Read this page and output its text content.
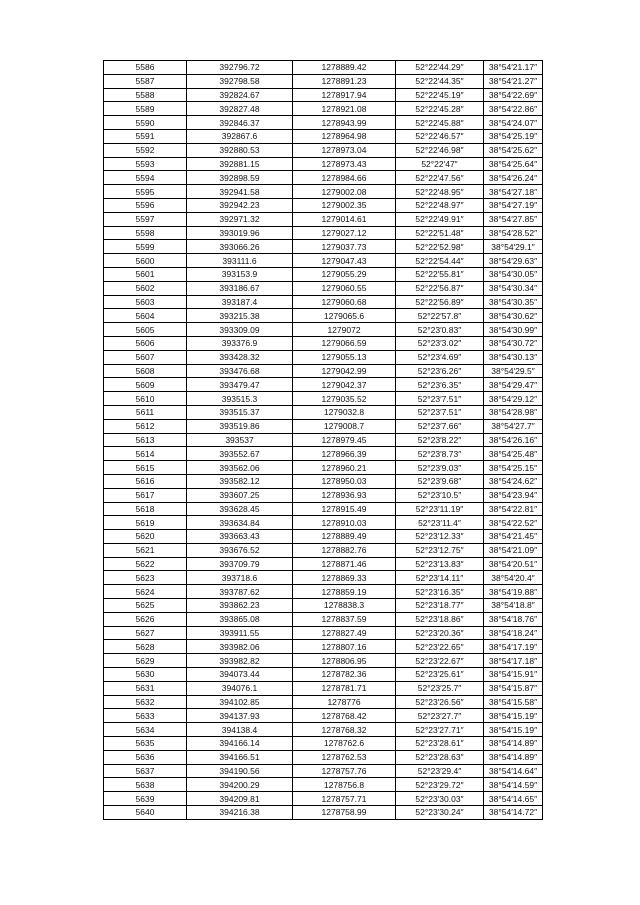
5586	392796.72	1278889.42	52°22′44.29″	38°54′21.17″
5587	392798.58	1278891.23	52°22′44.35″	38°54′21.27″
5588	392824.67	1278917.94	52°22′45.19″	38°54′22.69″
5589	392827.48	1278921.08	52°22′45.28″	38°54′22.86″
5590	392846.37	1278943.99	52°22′45.88″	38°54′24.07″
5591	392867.6	1278964.98	52°22′46.57″	38°54′25.19″
5592	392880.53	1278973.04	52°22′46.98″	38°54′25.62″
5593	392881.15	1278973.43	52°22′47″	38°54′25.64″
5594	392898.59	1278984.66	52°22′47.56″	38°54′26.24″
5595	392941.58	1279002.08	52°22′48.95″	38°54′27.18″
5596	392942.23	1279002.35	52°22′48.97″	38°54′27.19″
5597	392971.32	1279014.61	52°22′49.91″	38°54′27.85″
5598	393019.96	1279027.12	52°22′51.48″	38°54′28.52″
5599	393066.26	1279037.73	52°22′52.98″	38°54′29.1″
5600	393111.6	1279047.43	52°22′54.44″	38°54′29.63″
5601	393153.9	1279055.29	52°22′55.81″	38°54′30.05″
5602	393186.67	1279060.55	52°22′56.87″	38°54′30.34″
5603	393187.4	1279060.68	52°22′56.89″	38°54′30.35″
5604	393215.38	1279065.6	52°22′57.8″	38°54′30.62″
5605	393309.09	1279072	52°23′0.83″	38°54′30.99″
5606	393376.9	1279066.59	52°23′3.02″	38°54′30.72″
5607	393428.32	1279055.13	52°23′4.69″	38°54′30.13″
5608	393476.68	1279042.99	52°23′6.26″	38°54′29.5″
5609	393479.47	1279042.37	52°23′6.35″	38°54′29.47″
5610	393515.3	1279035.52	52°23′7.51″	38°54′29.12″
5611	393515.37	1279032.8	52°23′7.51″	38°54′28.98″
5612	393519.86	1279008.7	52°23′7.66″	38°54′27.7″
5613	393537	1278979.45	52°23′8.22″	38°54′26.16″
5614	393552.67	1278966.39	52°23′8.73″	38°54′25.48″
5615	393562.06	1278960.21	52°23′9.03″	38°54′25.15″
5616	393582.12	1278950.03	52°23′9.68″	38°54′24.62″
5617	393607.25	1278936.93	52°23′10.5″	38°54′23.94″
5618	393628.45	1278915.49	52°23′11.19″	38°54′22.81″
5619	393634.84	1278910.03	52°23′11.4″	38°54′22.52″
5620	393663.43	1278889.49	52°23′12.33″	38°54′21.45″
5621	393676.52	1278882.76	52°23′12.75″	38°54′21.09″
5622	393709.79	1278871.46	52°23′13.83″	38°54′20.51″
5623	393718.6	1278869.33	52°23′14.11″	38°54′20.4″
5624	393787.62	1278859.19	52°23′16.35″	38°54′19.88″
5625	393862.23	1278838.3	52°23′18.77″	38°54′18.8″
5626	393865.08	1278837.59	52°23′18.86″	38°54′18.76″
5627	393911.55	1278827.49	52°23′20.36″	38°54′18.24″
5628	393982.06	1278807.16	52°23′22.65″	38°54′17.19″
5629	393982.82	1278806.95	52°23′22.67″	38°54′17.18″
5630	394073.44	1278782.36	52°23′25.61″	38°54′15.91″
5631	394076.1	1278781.71	52°23′25.7″	38°54′15.87″
5632	394102.85	1278776	52°23′26.56″	38°54′15.58″
5633	394137.93	1278768.42	52°23′27.7″	38°54′15.19″
5634	394138.4	1278768.32	52°23′27.71″	38°54′15.19″
5635	394166.14	1278762.6	52°23′28.61″	38°54′14.89″
5636	394166.51	1278762.53	52°23′28.63″	38°54′14.89″
5637	394190.56	1278757.76	52°23′29.4″	38°54′14.64″
5638	394200.29	1278756.8	52°23′29.72″	38°54′14.59″
5639	394209.81	1278757.71	52°23′30.03″	38°54′14.65″
5640	394216.38	1278758.99	52°23′30.24″	38°54′14.72″
